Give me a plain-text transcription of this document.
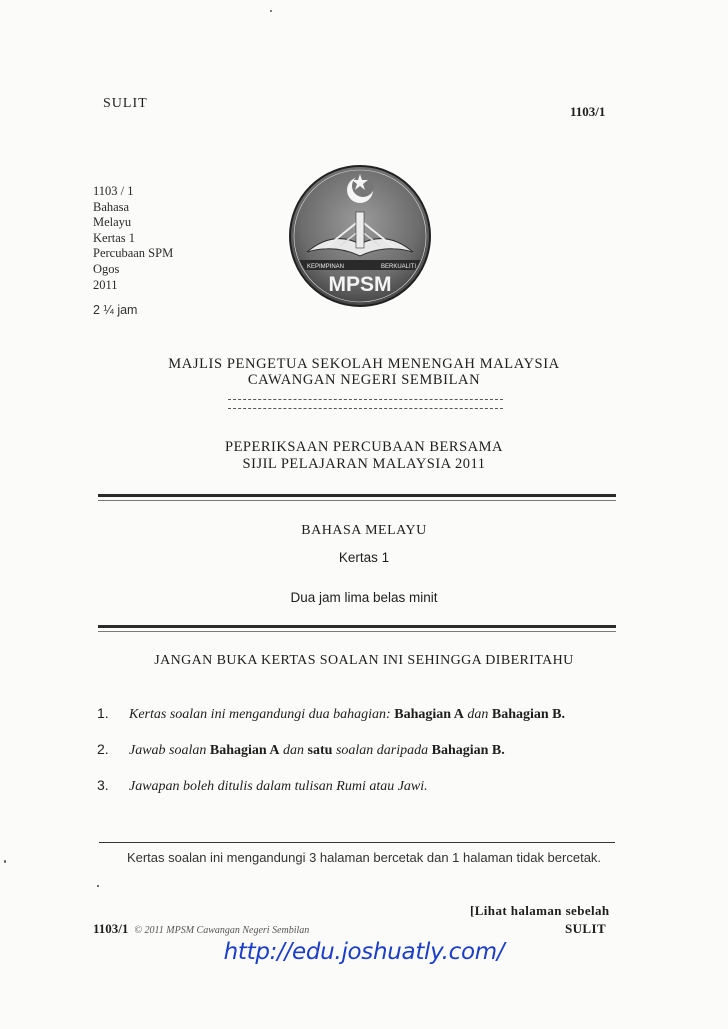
SULIT
1103/1
1103 / 1
Bahasa
Melayu
Kertas 1
Percubaan SPM
Ogos
2011
2 ¼ jam
KEPIMPINAN	BERKUALITI
MPSM
MAJLIS PENGETUA SEKOLAH MENENGAH MALAYSIA
CAWANGAN NEGERI SEMBILAN
PEPERIKSAAN PERCUBAAN BERSAMA
SIJIL PELAJARAN MALAYSIA 2011
BAHASA MELAYU
Kertas 1
Dua jam lima belas minit
JANGAN BUKA KERTAS SOALAN INI SEHINGGA DIBERITAHU
1. Kertas soalan ini mengandungi dua bahagian: Bahagian A dan Bahagian B.
2. Jawab soalan Bahagian A dan satu soalan daripada Bahagian B.
3. Jawapan boleh ditulis dalam tulisan Rumi atau Jawi.
Kertas soalan ini mengandungi 3 halaman bercetak dan 1 halaman tidak bercetak.
[Lihat halaman sebelah
1103/1 © 2011 MPSM Cawangan Negeri Sembilan	SULIT
http://edu.joshuatly.com/
